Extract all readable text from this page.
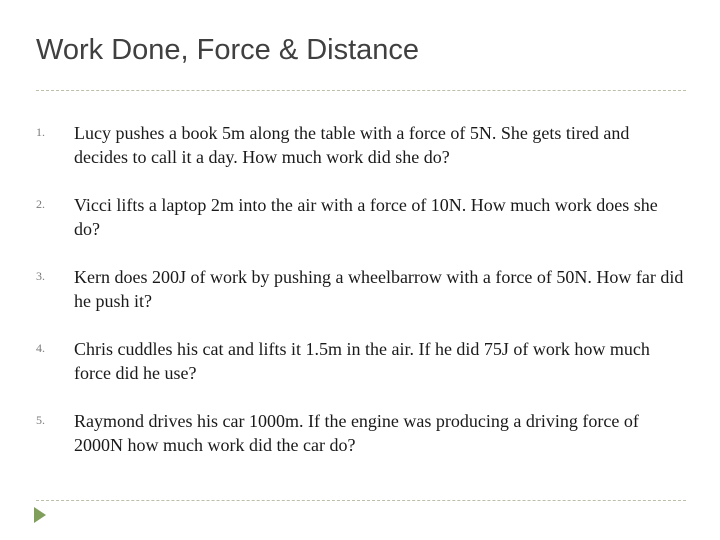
Work Done, Force & Distance
1.	Lucy pushes a book 5m along the table with a force of 5N. She gets tired and decides to call it a day. How much work did she do?
2.	Vicci lifts a laptop 2m into the air with a force of 10N. How much work does she do?
3.	Kern does 200J of work by pushing a wheelbarrow with a force of 50N. How far did he push it?
4.	Chris cuddles his cat and lifts it 1.5m in the air. If he did 75J of work how much force did he use?
5.	Raymond drives his car 1000m. If the engine was producing a driving force of 2000N how much work did the car do?
